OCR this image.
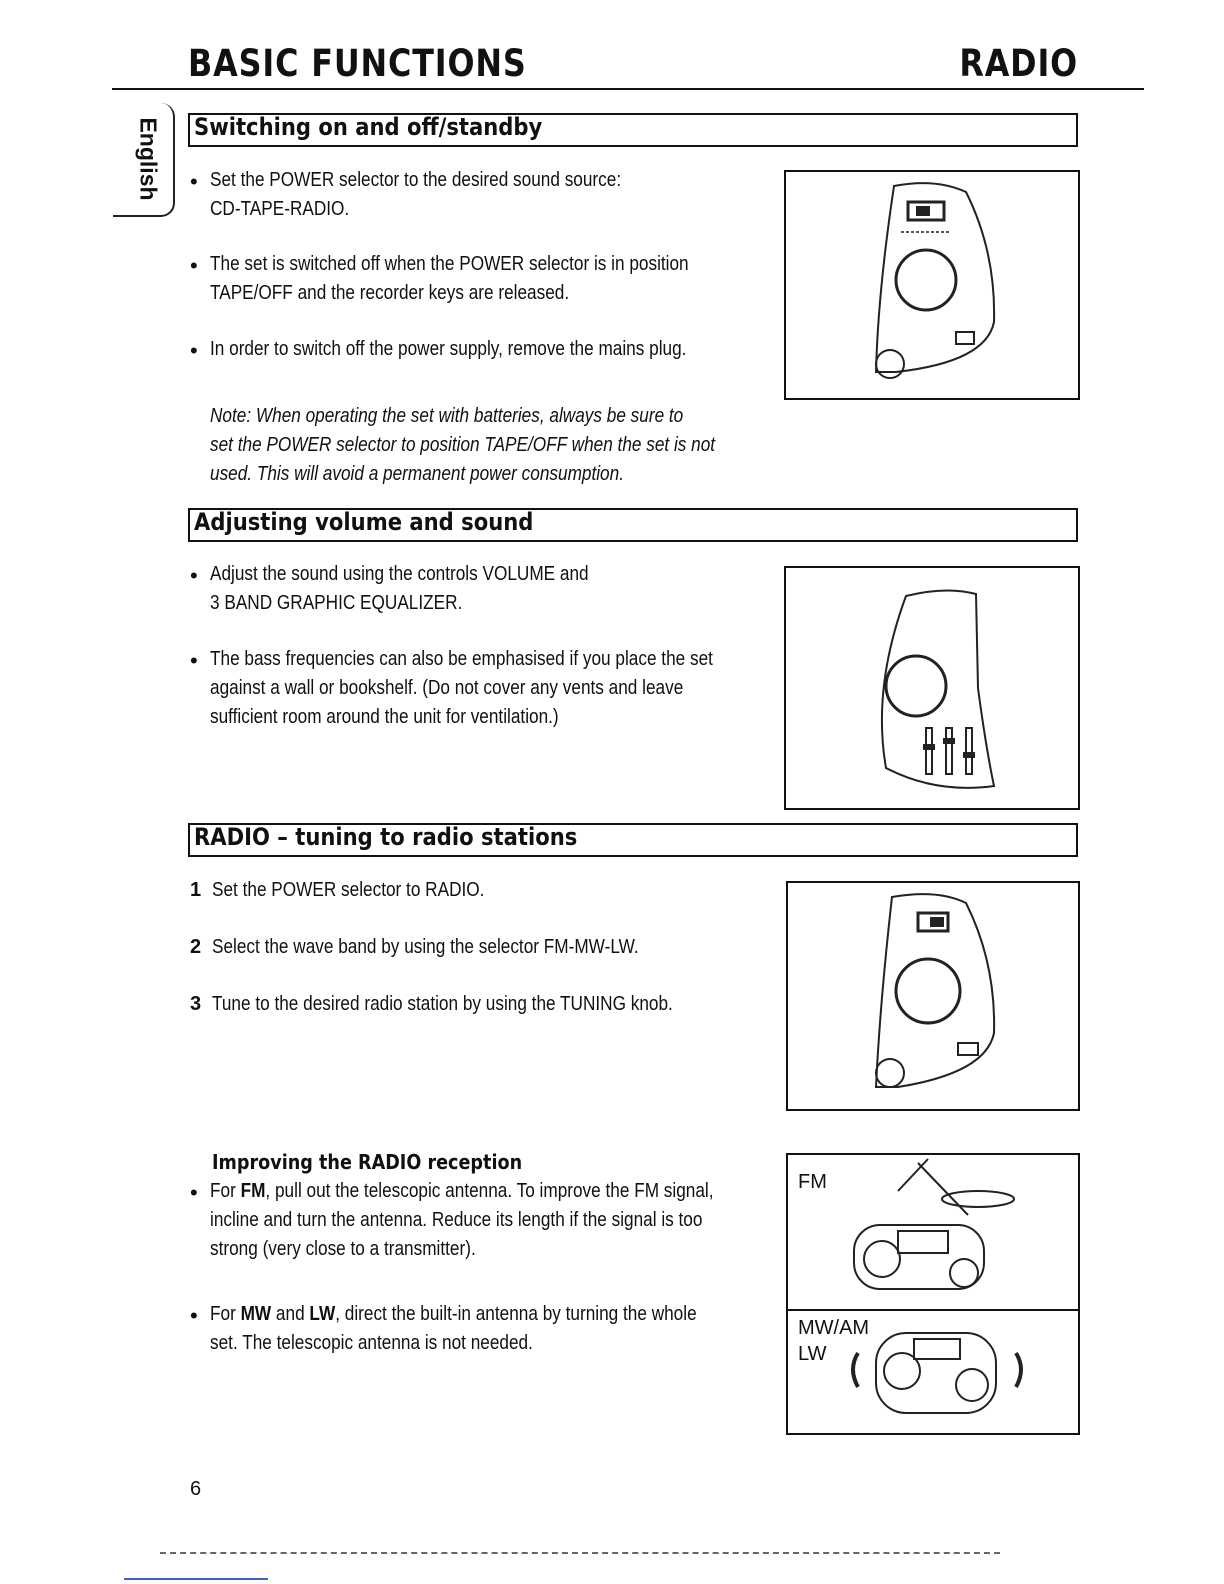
BASIC FUNCTIONS	RADIO
English Switching on and off/standby
• Set the POWER selector to the desired sound source:
CD-TAPE-RADIO.
• The set is switched off when the POWER selector is in position
TAPE/OFF and the recorder keys are released.
• In order to switch off the power supply, remove the mains plug.
Note: When operating the set with batteries, always be sure to
set the POWER selector to position TAPE/OFF when the set is not
used. This will avoid a permanent power consumption.
Adjusting volume and sound
• Adjust the sound using the controls VOLUME and
3 BAND GRAPHIC EQUALIZER.
• The bass frequencies can also be emphasised if you place the set
against a wall or bookshelf. (Do not cover any vents and leave
sufficient room around the unit for ventilation.)
RADIO – tuning to radio stations
1 Set the POWER selector to RADIO.
2 Select the wave band by using the selector FM-MW-LW.
3 Tune to the desired radio station by using the TUNING knob.
Improving the RADIO reception
• For FM, pull out the telescopic antenna. To improve the FM signal,
incline and turn the antenna. Reduce its length if the signal is too
strong (very close to a transmitter).
• For MW and LW, direct the built-in antenna by turning the whole
set. The telescopic antenna is not needed.
FM
MW/AM
LW
6
